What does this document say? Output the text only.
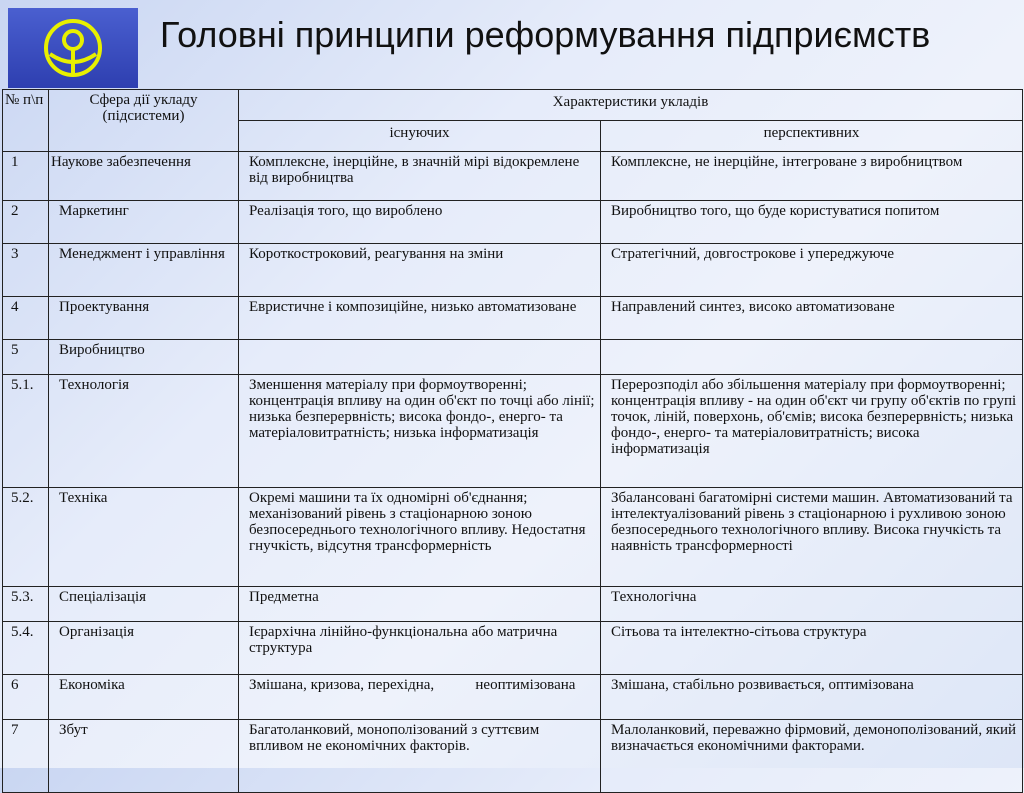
Головні принципи реформування підприємств
№ п\п	Сфера дії укладу (підсистеми)	Характеристики укладів	
		існуючих	перспективних
1	Наукове забезпечення	Комплексне, інерційне, в значній мірі відокремлене від виробництва	Комплексне, не інерційне, інтегроване з виробництвом
2	Маркетинг	Реалізація того, що вироблено	Виробництво того, що буде користуватися попитом
3	Менеджмент і управління	Короткостроковий, реагування на зміни	Стратегічний, довгострокове і упереджуюче
4	Проектування	Евристичне і композиційне, низько автоматизоване	Направлений синтез, високо автоматизоване
5	Виробництво		
5.1.	Технологія	Зменшення матеріалу при формоутворенні; концентрація впливу на один об'єкт по точці або лінії; низька безперервність; висока фондо-, енерго- та матеріаловитратність; низька інформатизація	Перерозподіл або збільшення матеріалу при формоутворенні; концентрація впливу - на один об'єкт чи групу об'єктів по групі точок, ліній, поверхонь, об'ємів; висока безперервність; низька фондо-, енерго- та матеріаловитратність; висока інформатизація
5.2.	Техніка	Окремі машини та їх одномірні об'єднання; механізований рівень з стаціонарною зоною безпосереднього технологічного впливу. Недостатня гнучкість, відсутня трансформерність	Збалансовані багатомірні системи машин. Автоматизований та інтелектуалізований рівень з стаціонарною і рухливою зоною безпосереднього технологічного впливу. Висока гнучкість та наявність трансформерності
5.3.	Спеціалізація	Предметна	Технологічна
5.4.	Організація	Ієрархічна лінійно-функціональна або матрична структура	Сітьова та інтелектно-сітьова структура
6	Економіка	Змішана, кризова, перехідна,           неоптимізована	Змішана, стабільно розвивається, оптимізована
7	Збут	Багатоланковий, монополізований з суттєвим впливом не економічних факторів.	Малоланковий, переважно фірмовий, демонополізований, який визначається економічними факторами.
